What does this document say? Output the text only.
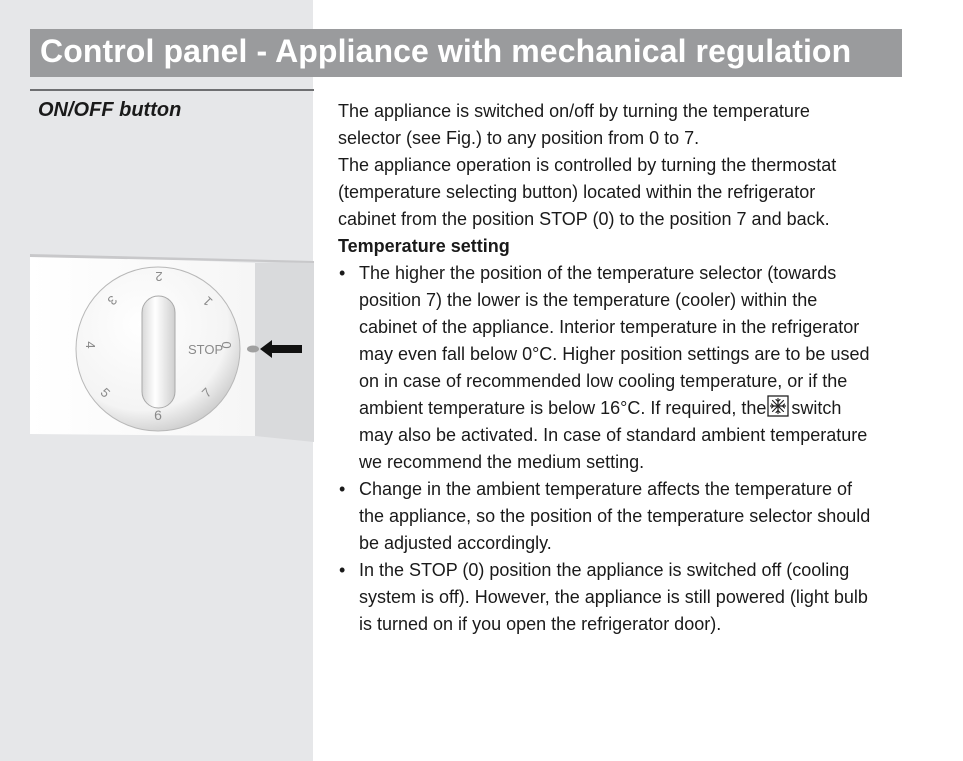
Control panel - Appliance with mechanical regulation
ON/OFF button
2
1
3
4
5
6
7
STOP
0

The appliance is switched on/off by turning the temperature
selector (see Fig.) to any position from 0 to 7.
The appliance operation is controlled by turning the thermostat
(temperature selecting button) located within the refrigerator
cabinet from the position STOP (0) to the position 7 and back.

Temperature setting

• The higher the position of the temperature selector (towards
position 7) the lower is the temperature (cooler) within the
cabinet of the appliance. Interior temperature in the refrigerator
may even fall below 0°C. Higher position settings are to be used
on in case of recommended low cooling temperature, or if the
ambient temperature is below 16°C. If required, the switch
may also be activated. In case of standard ambient temperature
we recommend the medium setting.
• Change in the ambient temperature affects the temperature of
the appliance, so the position of the temperature selector should
be adjusted accordingly.
• In the STOP (0) position the appliance is switched off (cooling
system is off). However, the appliance is still powered (light bulb
is turned on if you open the refrigerator door).
